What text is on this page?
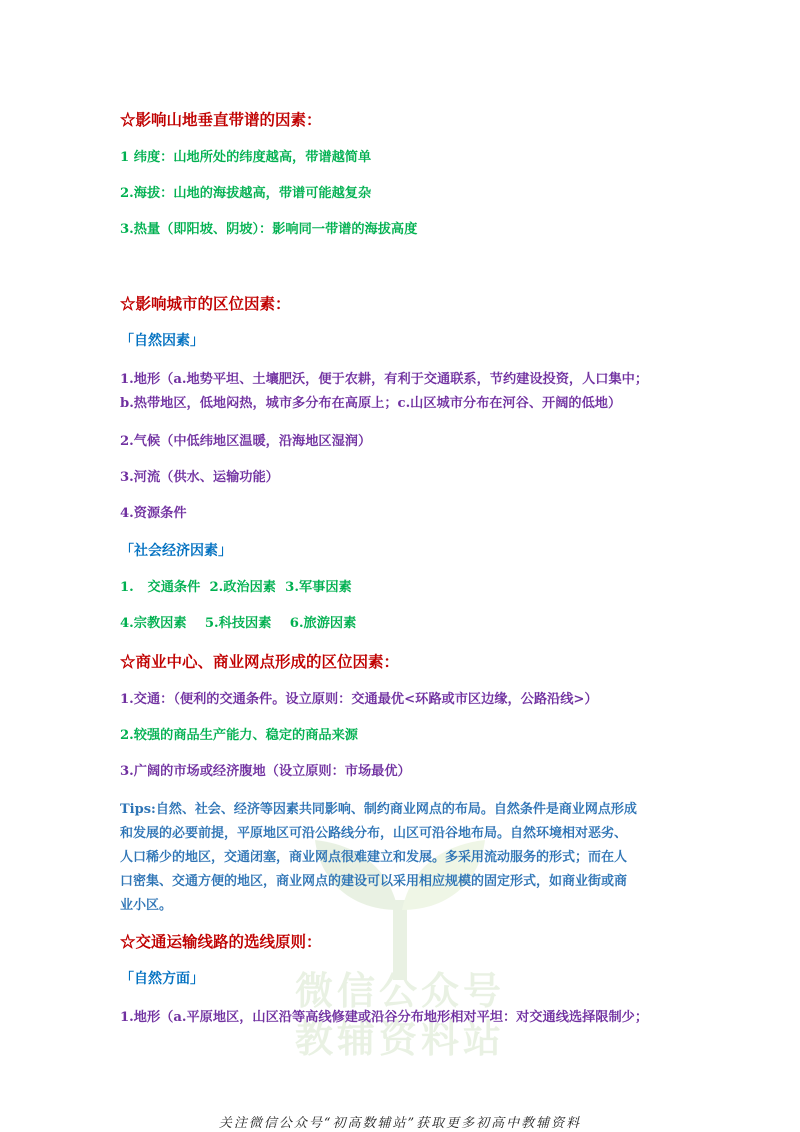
微信公众号
教辅资料站
☆影响山地垂直带谱的因素：
1 纬度：山地所处的纬度越高，带谱越简单
2.海拔：山地的海拔越高，带谱可能越复杂
3.热量（即阳坡、阴坡）：影响同一带谱的海拔高度
☆影响城市的区位因素：
「自然因素」
1.地形（a.地势平坦、土壤肥沃，便于农耕，有利于交通联系，节约建设投资，人口集中；
b.热带地区，低地闷热，城市多分布在高原上；c.山区城市分布在河谷、开阔的低地）
2.气候（中低纬地区温暖，沿海地区湿润）
3.河流（供水、运输功能）
4.资源条件
「社会经济因素」
1.   交通条件  2.政治因素  3.军事因素
4.宗教因素    5.科技因素    6.旅游因素
☆商业中心、商业网点形成的区位因素：
1.交通：（便利的交通条件。设立原则：交通最优<环路或市区边缘，公路沿线>）
2.较强的商品生产能力、稳定的商品来源
3.广阔的市场或经济腹地（设立原则：市场最优）
Tips:自然、社会、经济等因素共同影响、制约商业网点的布局。自然条件是商业网点形成
和发展的必要前提，平原地区可沿公路线分布，山区可沿谷地布局。自然环境相对恶劣、
人口稀少的地区，交通闭塞，商业网点很难建立和发展。多采用流动服务的形式；而在人
口密集、交通方便的地区，商业网点的建设可以采用相应规模的固定形式，如商业街或商
业小区。
☆交通运输线路的选线原则：
「自然方面」
1.地形（a.平原地区，山区沿等高线修建或沿谷分布地形相对平坦：对交通线选择限制少；
关注微信公众号“初高数辅站”获取更多初高中教辅资料
